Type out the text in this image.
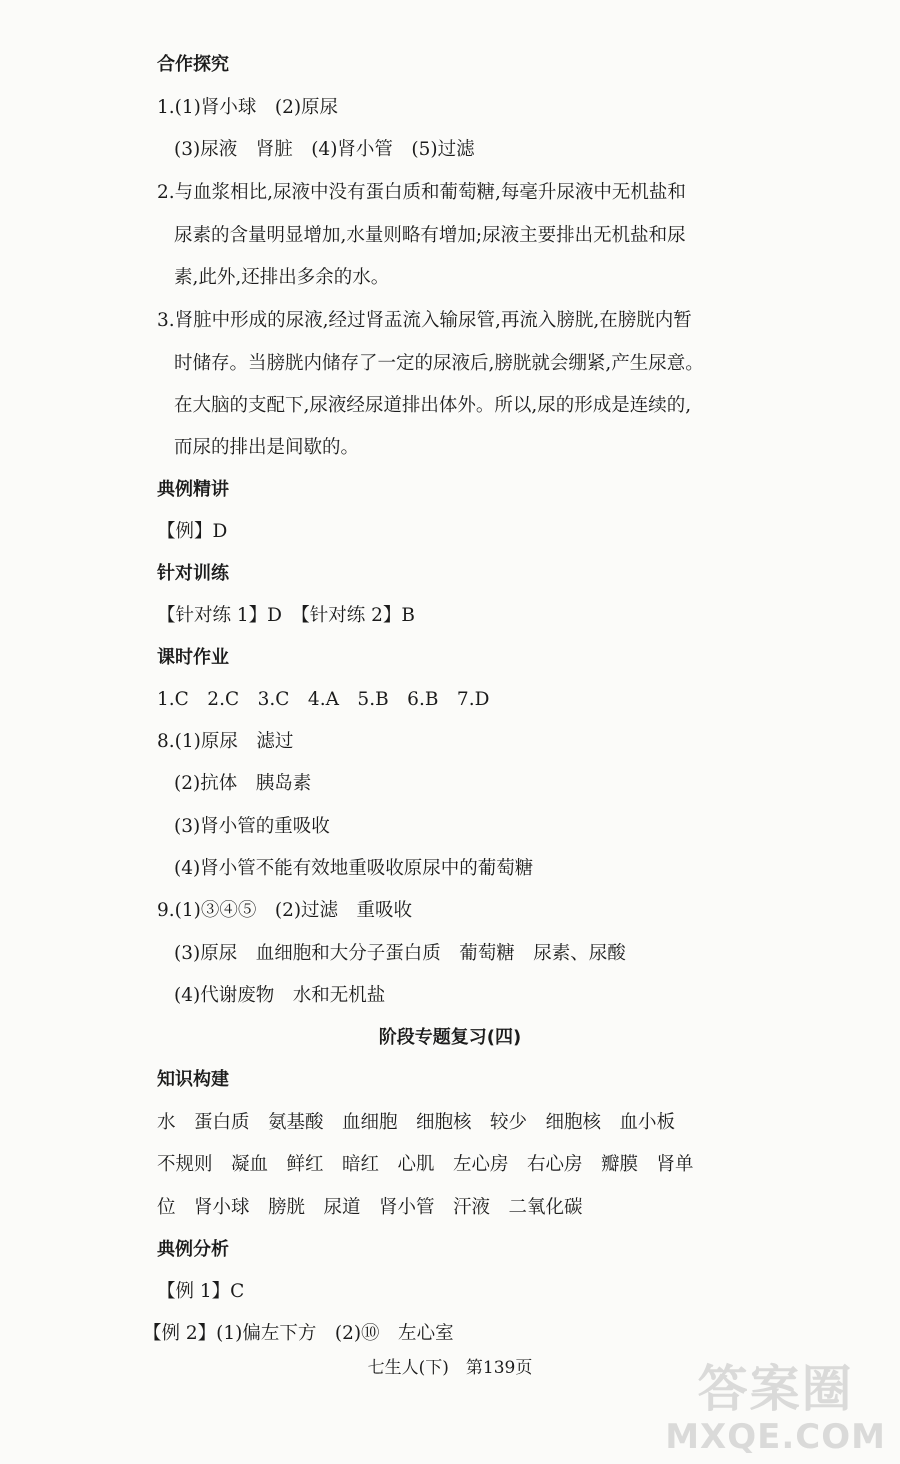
合作探究
1.(1)肾小球　(2)原尿
(3)尿液　肾脏　(4)肾小管　(5)过滤
2.与血浆相比,尿液中没有蛋白质和葡萄糖,每毫升尿液中无机盐和
尿素的含量明显增加,水量则略有增加;尿液主要排出无机盐和尿
素,此外,还排出多余的水。
3.肾脏中形成的尿液,经过肾盂流入输尿管,再流入膀胱,在膀胱内暂
时储存。当膀胱内储存了一定的尿液后,膀胱就会绷紧,产生尿意。
在大脑的支配下,尿液经尿道排出体外。所以,尿的形成是连续的,
而尿的排出是间歇的。
典例精讲
【例】D
针对训练
【针对练 1】D　【针对练 2】B
课时作业
1.C　2.C　3.C　4.A　5.B　6.B　7.D
8.(1)原尿　滤过
(2)抗体　胰岛素
(3)肾小管的重吸收
(4)肾小管不能有效地重吸收原尿中的葡萄糖
9.(1)③④⑤　(2)过滤　重吸收
(3)原尿　血细胞和大分子蛋白质　葡萄糖　尿素、尿酸
(4)代谢废物　水和无机盐
阶段专题复习(四)
知识构建
水　蛋白质　氨基酸　血细胞　细胞核　较少　细胞核　血小板
不规则　凝血　鲜红　暗红　心肌　左心房　右心房　瓣膜　肾单
位　肾小球　膀胱　尿道　肾小管　汗液　二氧化碳
典例分析
【例 1】C
【例 2】(1)偏左下方　(2)⑩　左心室
七生人(下)　第139页	答案圈
MXQE.COM
